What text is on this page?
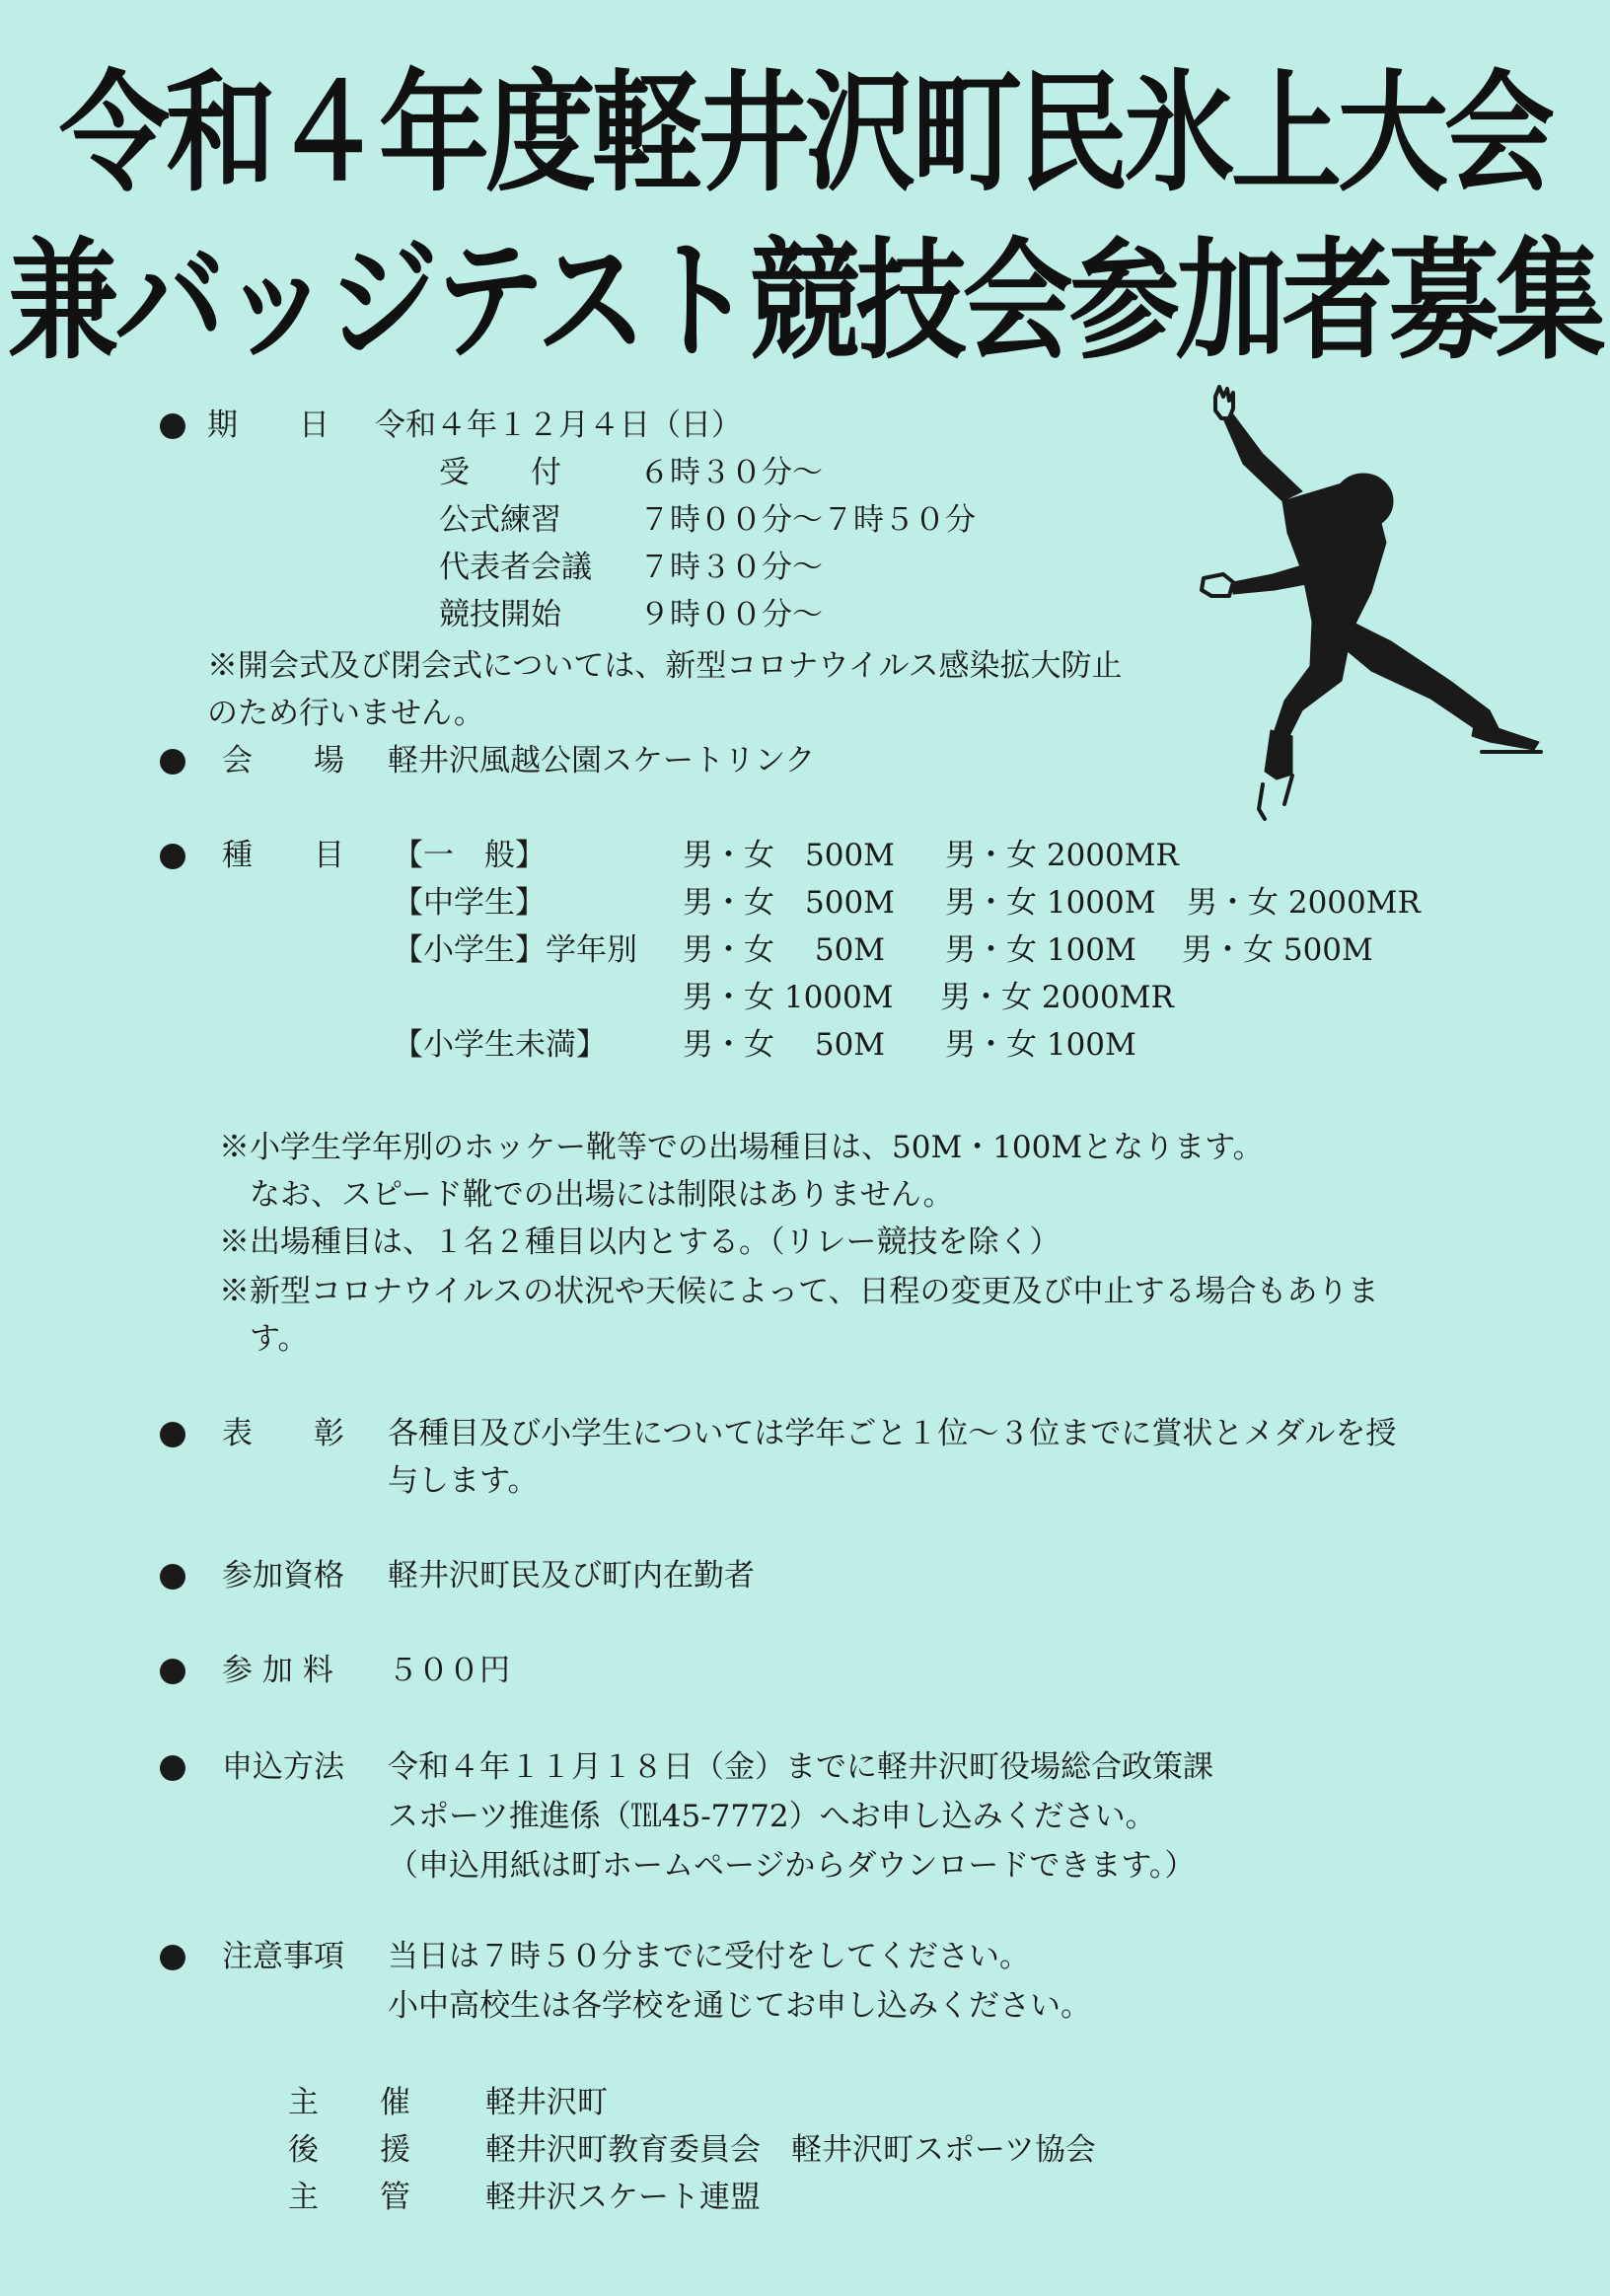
令和４年度軽井沢町民氷上大会
兼バッジテスト競技会参加者募集
期　　日 令和４年１２月４日（日）
受　　付	６時３０分～
公式練習	７時００分～７時５０分
代表者会議 ７時３０分～
競技開始	９時００分～
※開会式及び閉会式については、新型コロナウイルス感染拡大防止
のため行いません。
会　　場 軽井沢風越公園スケートリンク
種　　目 【一　般】	男・女　500M 男・女 2000MR
【中学生】	男・女　500M 男・女 1000M 男・女 2000MR
【小学生】学年別 男・女　 50M 男・女 100M 男・女 500M
男・女 1000M 男・女 2000MR
【小学生未満】 男・女　 50M 男・女 100M
※小学生学年別のホッケー靴等での出場種目は、50M・100Mとなります。
　なお、スピード靴での出場には制限はありません。
※出場種目は、１名２種目以内とする。（リレー競技を除く）
※新型コロナウイルスの状況や天候によって、日程の変更及び中止する場合もありま
　す。
表　　彰 各種目及び小学生については学年ごと１位～３位までに賞状とメダルを授
与します。
参加資格 軽井沢町民及び町内在勤者
参 加 料 ５００円
申込方法 令和４年１１月１８日（金）までに軽井沢町役場総合政策課
スポーツ推進係（℡45-7772）へお申し込みください。
（申込用紙は町ホームページからダウンロードできます。）
注意事項 当日は７時５０分までに受付をしてください。
小中高校生は各学校を通じてお申し込みください。
主　　催 軽井沢町
後　　援 軽井沢町教育委員会　軽井沢町スポーツ協会
主　　管 軽井沢スケート連盟
